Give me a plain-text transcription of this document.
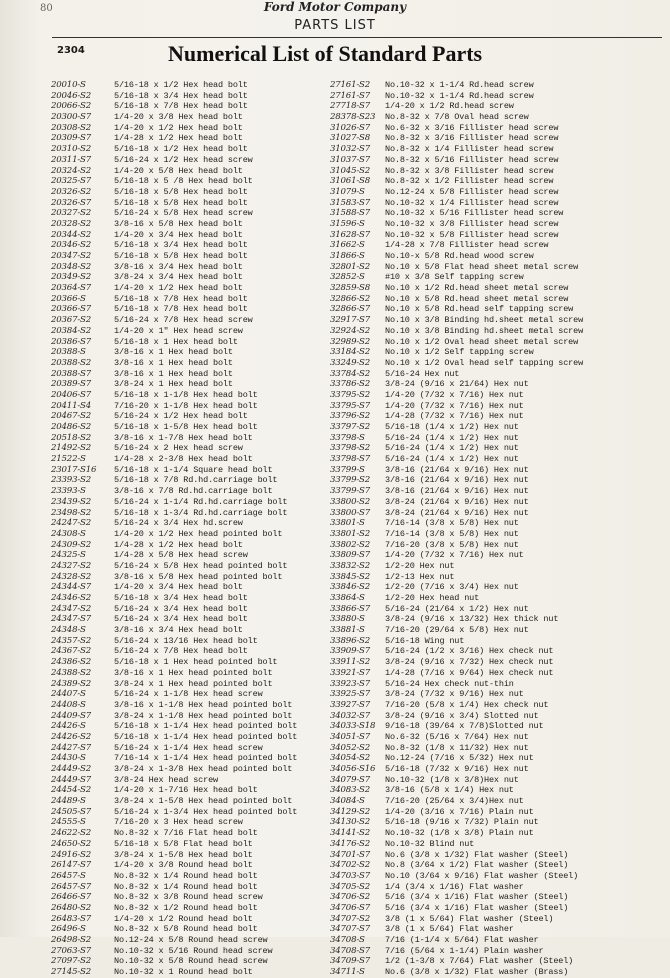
80	Ford Motor Company
PARTS LIST
2304	Numerical List of Standard Parts
20010-S	5/16-18 x 1/2 Hex head bolt
20046-S2	5/16-18 x 3/4 Hex head bolt
20066-S2	5/16-18 x 7/8 Hex head bolt
20300-S7	1/4-20 x 3/8 Hex head bolt
20308-S2	1/4-20 x 1/2 Hex head bolt
20309-S7	1/4-28 x 1/2 Hex head bolt
20310-S2	5/16-18 x 1/2 Hex head bolt
20311-S7	5/16-24 x 1/2 Hex head screw
20324-S2	1/4-20 x 5/8 Hex head bolt
20325-S7	5/16-18 x 5 /8 Hex head bolt
20326-S2	5/16-18 x 5/8 Hex head bolt
20326-S7	5/16-18 x 5/8 Hex head bolt
20327-S2	5/16-24 x 5/8 Hex head screw
20328-S2	3/8-16 x 5/8 Hex head bolt
20344-S2	1/4-20 x 3/4 Hex head bolt
20346-S2	5/16-18 x 3/4 Hex head bolt
20347-S2	5/16-18 x 5/8 Hex head bolt
20348-S2	3/8-16 x 3/4 Hex head bolt
20349-S2	3/8-24 x 3/4 Hex head bolt
20364-S7	1/4-20 x 1/2 Hex head bolt
20366-S	5/16-18 x 7/8 Hex head bolt
20366-S7	5/16-18 x 7/8 Hex head bolt
20367-S2	5/16-24 x 7/8 Hex head screw
20384-S2	1/4-20 x 1" Hex head screw
20386-S7	5/16-18 x 1 Hex head bolt
20388-S	3/8-16 x 1 Hex head bolt
20388-S2	3/8-16 x 1 Hex head bolt
20388-S7	3/8-16 x 1 Hex head bolt
20389-S7	3/8-24 x 1 Hex head bolt
20406-S7	5/16-18 x 1-1/8 Hex head bolt
20411-S4	7/16-20 x 1-1/8 Hex head bolt
20467-S2	5/16-24 x 1/2 Hex head bolt
20486-S2	5/16-18 x 1-5/8 Hex head bolt
20518-S2	3/8-16 x 1-7/8 Hex head bolt
21492-S2	5/16-24 x 2 Hex head screw
21522-S	1/4-28 x 2-3/8 Hex head bolt
23017-S16	5/16-18 x 1-1/4 Square head bolt
23393-S2	5/16-18 x 7/8 Rd.hd.carriage bolt
23393-S	3/8-16 x 7/8 Rd.hd.carriage bolt
23439-S2	5/16-24 x 1-1/4 Rd.hd.carriage bolt
23498-S2	5/16-18 x 1-3/4 Rd.hd.carriage bolt
24247-S2	5/16-24 x 3/4 Hex hd.screw
24308-S	1/4-20 x 1/2 Hex head pointed bolt
24309-S2	1/4-28 x 1/2 Hex head bolt
24325-S	1/4-28 x 5/8 Hex head screw
24327-S2	5/16-24 x 5/8 Hex head pointed bolt
24328-S2	3/8-16 x 5/8 Hex head pointed bolt
24344-S7	1/4-20 x 3/4 Hex head bolt
24346-S2	5/16-18 x 3/4 Hex head bolt
24347-S2	5/16-24 x 3/4 Hex head bolt
24347-S7	5/16-24 x 3/4 Hex head bolt
24348-S	3/8-16 x 3/4 Hex head bolt
24357-S2	5/16-24 x 13/16 Hex head bolt
24367-S2	5/16-24 x 7/8 Hex head bolt
24386-S2	5/16-18 x 1 Hex head pointed bolt
24388-S2	3/8-16 x 1 Hex head pointed bolt
24389-S2	3/8-24 x 1 Hex head pointed bolt
24407-S	5/16-24 x 1-1/8 Hex head screw
24408-S	3/8-16 x 1-1/8 Hex head pointed bolt
24409-S7	3/8-24 x 1-1/8 Hex head pointed bolt
24426-S	5/16-18 x 1-1/4 Hex head pointed bolt
24426-S2	5/16-18 x 1-1/4 Hex head pointed bolt
24427-S7	5/16-24 x 1-1/4 Hex head screw
24430-S	7/16-14 x 1-1/4 Hex head pointed bolt
24449-S2	3/8-24 x 1-3/8 Hex head pointed bolt
24449-S7	3/8-24 Hex head screw
24454-S2	1/4-20 x 1-7/16 Hex head bolt
24489-S	3/8-24 x 1-5/8 Hex head pointed bolt
24505-S7	5/16-24 x 1-3/4 Hex head pointed bolt
24555-S	7/16-20 x 3 Hex head screw
24622-S2	No.8-32 x 7/16 Flat head bolt
24650-S2	5/16-18 x 5/8 Flat head bolt
24916-S2	3/8-24 x 1-5/8 Hex head bolt
26147-S7	1/4-20 x 3/8 Round head bolt
26457-S	No.8-32 x 1/4 Round head bolt
26457-S7	No.8-32 x 1/4 Round head bolt
26466-S7	No.8-32 x 3/8 Round head screw
26480-S2	No.8-32 x 1/2 Round head bolt
26483-S7	1/4-20 x 1/2 Round head bolt
26496-S	No.8-32 x 5/8 Round head bolt
26498-S2	No.12-24 x 5/8 Round head screw
27063-S7	No.10-32 x 5/16 Round head screw
27097-S2	No.10-32 x 5/8 Round head screw
27145-S2	No.10-32 x 1 Round head bolt
27161-S2	No.10-32 x 1-1/4 Rd.head screw
27161-S7	No.10-32 x 1-1/4 Rd.head screw
27718-S7	1/4-20 x 1/2 Rd.head screw
28378-S23	No.8-32 x 7/8 Oval head screw
31026-S7	No.6-32 x 3/16 Fillister head screw
31027-S8	No.8-32 x 3/16 Fillister head screw
31032-S7	No.8-32 x 1/4 Fillister head screw
31037-S7	No.8-32 x 5/16 Fillister head screw
31045-S2	No.8-32 x 3/8 Fillister head screw
31061-S8	No.8-32 x 1/2 Fillister head screw
31079-S	No.12-24 x 5/8 Fillister head screw
31583-S7	No.10-32 x 1/4 Fillister head screw
31588-S7	No.10-32 x 5/16 Fillister head screw
31596-S	No.10-32 x 3/8 Fillister head screw
31628-S7	No.10-32 x 5/8 Fillister head screw
31662-S	1/4-28 x 7/8 Fillister head screw
31866-S	No.10-x 5/8 Rd.head wood screw
32801-S2	No.10 x 5/8 Flat head sheet metal screw
32852-S	#10 x 3/8 Self tapping screw
32859-S8	No.10 x 1/2 Rd.head sheet metal screw
32866-S2	No.10 x 5/8 Rd.head sheet metal screw
32866-S7	No.10 x 5/8 Rd.head self tapping screw
32917-S7	No.10 x 3/8 Binding hd.sheet metal screw
32924-S2	No.10 x 3/8 Binding hd.sheet metal screw
32989-S2	No.10 x 1/2 Oval head sheet metal screw
33184-S2	No.10 x 1/2 Self tapping screw
33249-S2	No.10 x 1/2 Oval head self tapping screw
33784-S2	5/16-24 Hex nut
33786-S2	3/8-24 (9/16 x 21/64) Hex nut
33795-S2	1/4-20 (7/32 x 7/16) Hex nut
33795-S7	1/4-20 (7/32 x 7/16) Hex nut
33796-S2	1/4-28 (7/32 x 7/16) Hex nut
33797-S2	5/16-18 (1/4 x 1/2) Hex nut
33798-S	5/16-24 (1/4 x 1/2) Hex nut
33798-S2	5/16-24 (1/4 x 1/2) Hex nut
33798-S7	5/16-24 (1/4 x 1/2) Hex nut
33799-S	3/8-16 (21/64 x 9/16) Hex nut
33799-S2	3/8-16 (21/64 x 9/16) Hex nut
33799-S7	3/8-16 (21/64 x 9/16) Hex nut
33800-S2	3/8-24 (21/64 x 9/16) Hex nut
33800-S7	3/8-24 (21/64 x 9/16) Hex nut
33801-S	7/16-14 (3/8 x 5/8) Hex nut
33801-S2	7/16-14 (3/8 x 5/8) Hex nut
33802-S2	7/16-20 (3/8 x 5/8) Hex nut
33809-S7	1/4-20 (7/32 x 7/16) Hex nut
33832-S2	1/2-20 Hex nut
33845-S2	1/2-13 Hex nut
33846-S2	1/2-20 (7/16 x 3/4) Hex nut
33864-S	1/2-20 Hex head nut
33866-S7	5/16-24 (21/64 x 1/2) Hex nut
33880-S	3/8-24 (9/16 x 13/32) Hex thick nut
33881-S	7/16-20 (29/64 x 5/8) Hex nut
33896-S2	5/16-18 Wing nut
33909-S7	5/16-24 (1/2 x 3/16) Hex check nut
33911-S2	3/8-24 (9/16 x 7/32) Hex check nut
33921-S7	1/4-28 (7/16 x 9/64) Hex check nut
33923-S7	5/16-24 Hex check nut-thin
33925-S7	3/8-24 (7/32 x 9/16) Hex nut
33927-S7	7/16-20 (5/8 x 1/4) Hex check nut
34032-S7	3/8-24 (9/16 x 3/4) Slotted nut
34033-S18	9/16-18 (39/64 x 7/8)Slotted nut
34051-S7	No.6-32 (5/16 x 7/64) Hex nut
34052-S2	No.8-32 (1/8 x 11/32) Hex nut
34054-S2	No.12-24 (7/16 x 5/32) Hex nut
34056-S16	5/16-18 (7/32 x 9/16) Hex nut
34079-S7	No.10-32 (1/8 x 3/8)Hex nut
34083-S2	3/8-16 (5/8 x 1/4) Hex nut
34084-S	7/16-20 (25/64 x 3/4)Hex nut
34129-S2	1/4-20 (3/16 x 7/16) Plain nut
34130-S2	5/16-18 (9/16 x 7/32) Plain nut
34141-S2	No.10-32 (1/8 x 3/8) Plain nut
34176-S2	No.10-32 Blind nut
34701-S7	No.6 (3/8 x 1/32) Flat washer (Steel)
34702-S2	No.8 (3/64 x 1/2) Flat washer (Steel)
34703-S7	No.10 (3/64 x 9/16) Flat washer (Steel)
34705-S2	1/4 (3/4 x 1/16) Flat washer
34706-S2	5/16 (3/4 x 1/16) Flat washer (Steel)
34706-S7	5/16 (3/4 x 1/16) Flat washer (Steel)
34707-S2	3/8 (1 x 5/64) Flat washer (Steel)
34707-S7	3/8 (1 x 5/64) Flat washer
34708-S	7/16 (1-1/4 x 5/64) Flat washer
34708-S7	7/16 (5/64 x 1-1/4) Plain washer
34709-S7	1/2 (1-3/8 x 7/64) Flat washer (Steel)
34711-S	No.6 (3/8 x 1/32) Flat washer (Brass)
